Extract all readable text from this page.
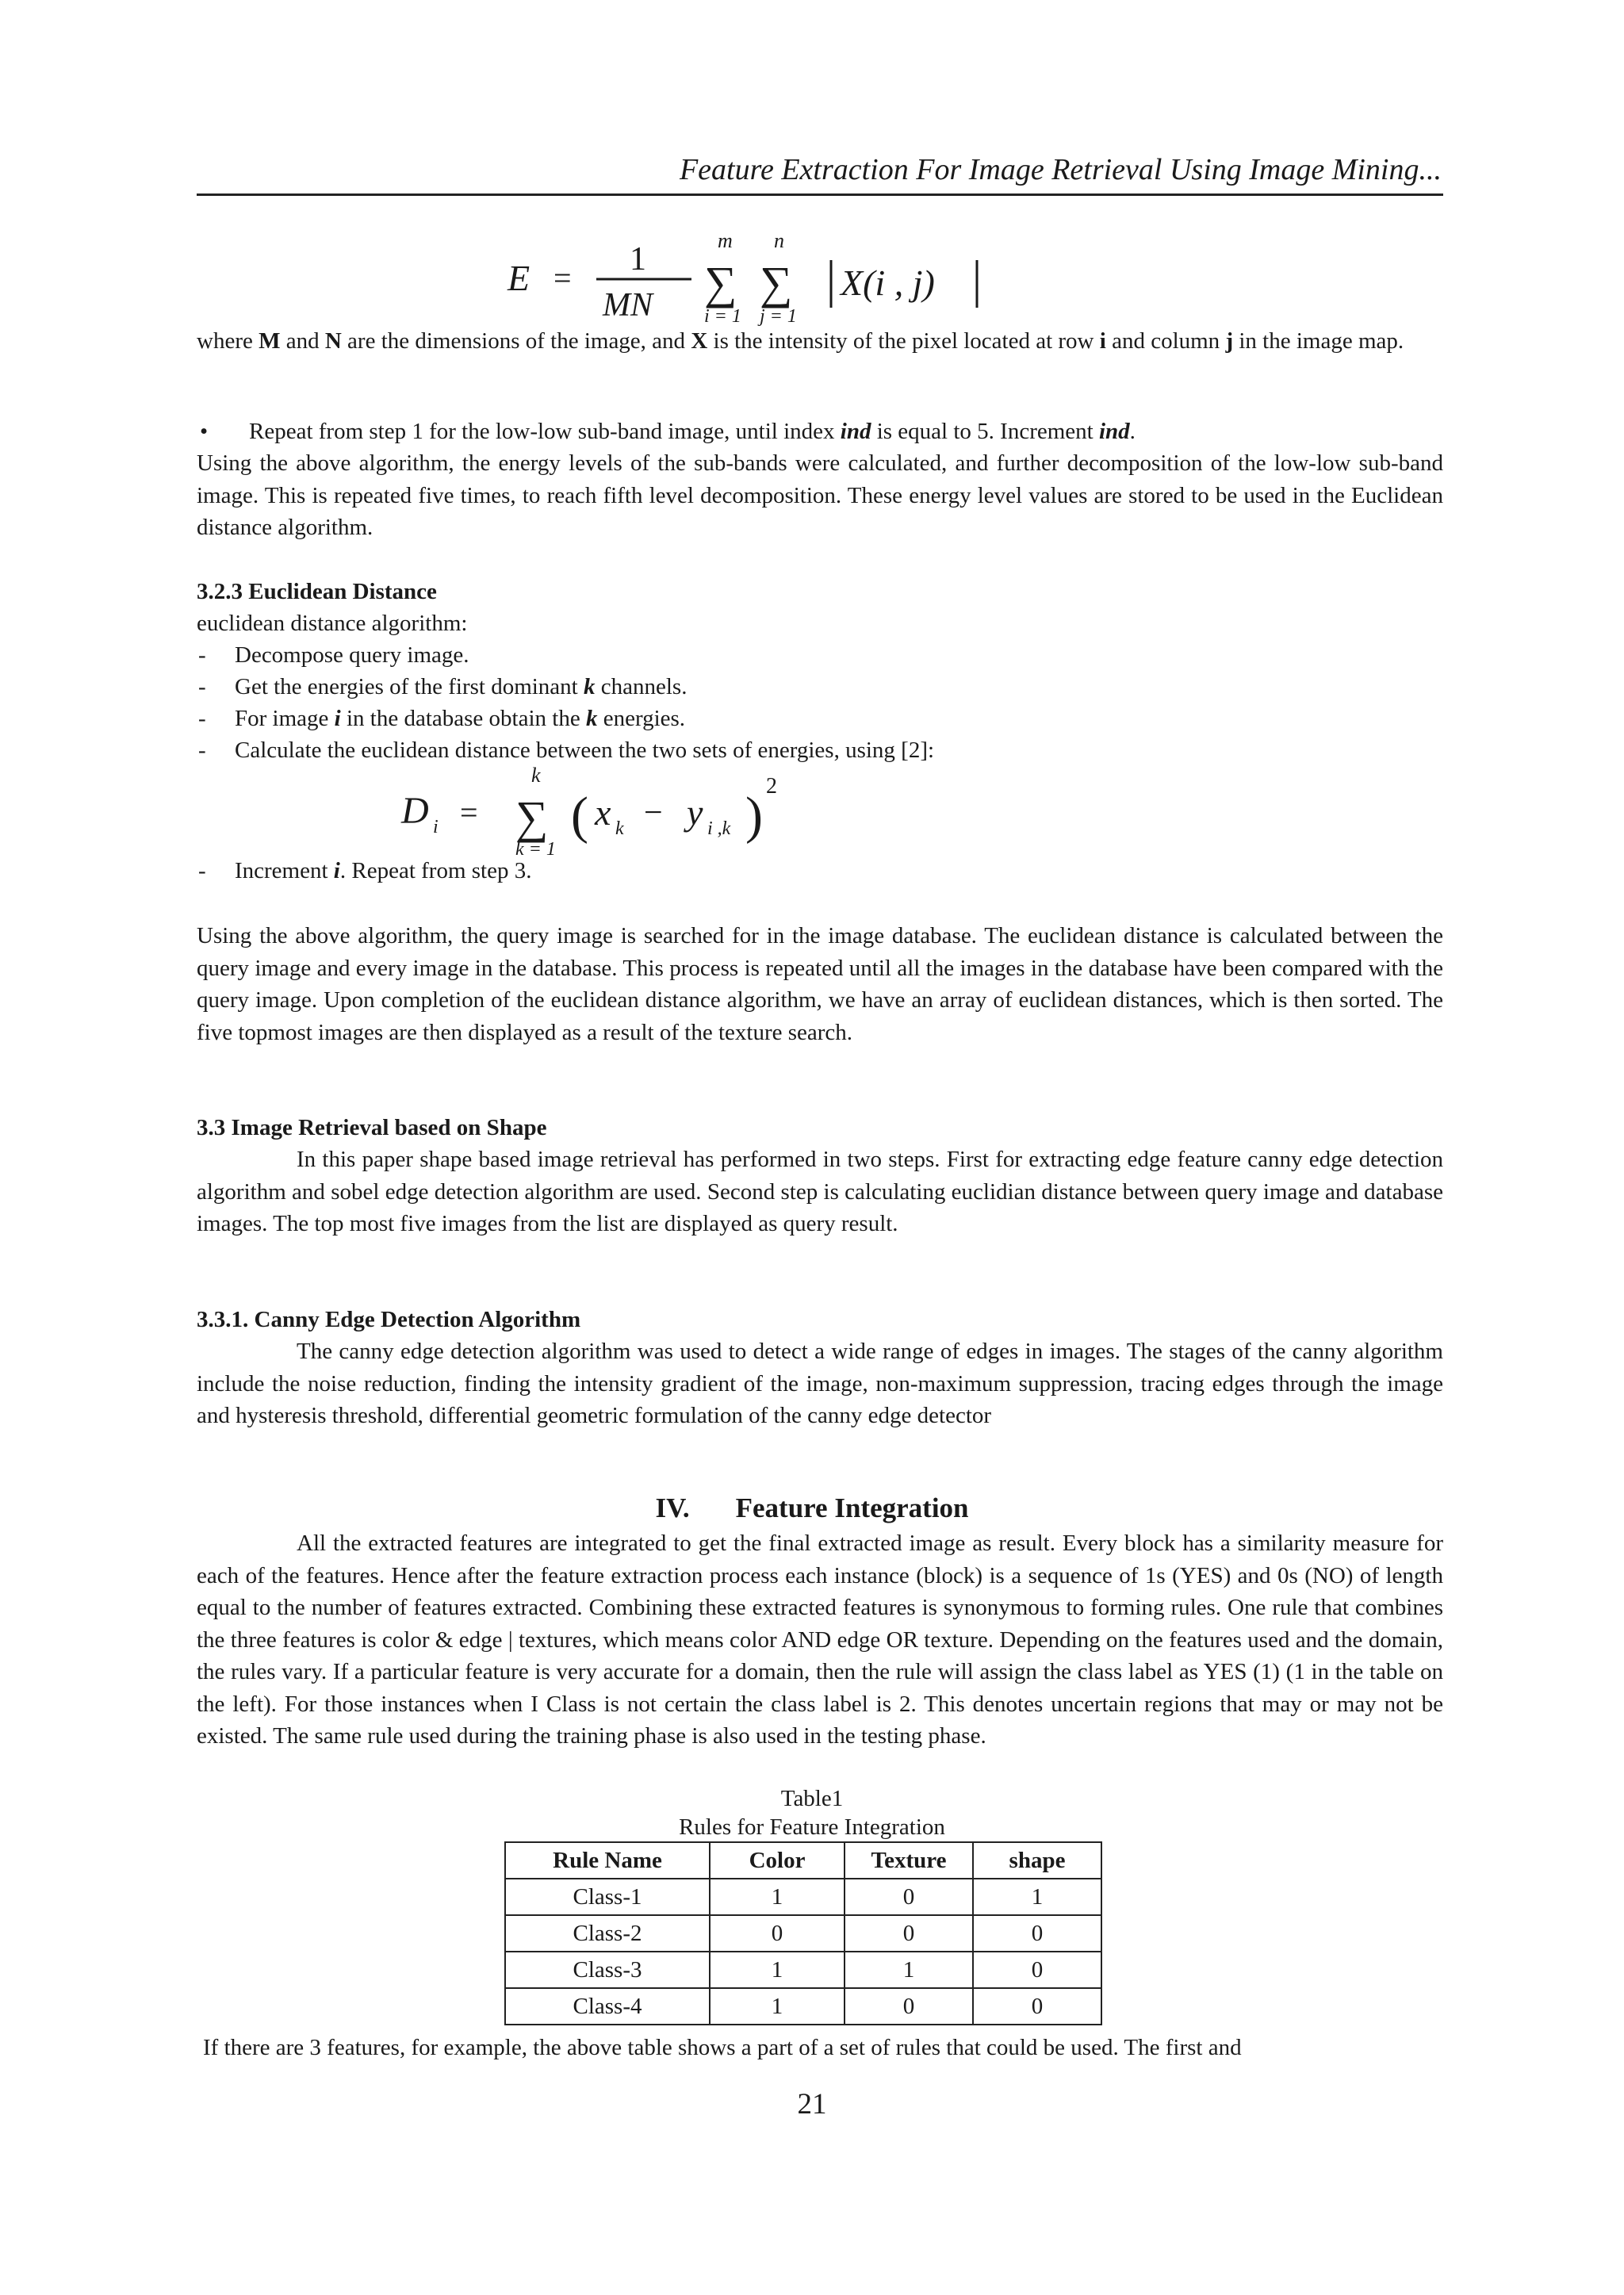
Feature Extraction For Image Retrieval Using Image Mining...
E =
1
MN
m
∑
i = 1
n
∑
j = 1
X(i , j)

where M and N are the dimensions of the image, and X is the intensity of the pixel located at row i and column j in the image map.

• Repeat from step 1 for the low-low sub-band image, until index ind is equal to 5. Increment ind.

Using the above algorithm, the energy levels of the sub-bands were calculated, and further decomposition of the low-low sub-band image. This is repeated five times, to reach fifth level decomposition. These energy level values are stored to be used in the Euclidean distance algorithm.

3.2.3 Euclidean Distance
euclidean distance algorithm:
- Decompose query image.
- Get the energies of the first dominant k channels.
- For image i in the database obtain the k energies.
- Calculate the euclidean distance between the two sets of energies, using [2]:
D i =
k
∑
k = 1
( x k − y i ,k )
2
- Increment i. Repeat from step 3.

Using the above algorithm, the query image is searched for in the image database. The euclidean distance is calculated between the query image and every image in the database. This process is repeated until all the images in the database have been compared with the query image. Upon completion of the euclidean distance algorithm, we have an array of euclidean distances, which is then sorted. The five topmost images are then displayed as a result of the texture search.

3.3 Image Retrieval based on Shape

In this paper shape based image retrieval has performed in two steps. First for extracting edge feature canny edge detection algorithm and sobel edge detection algorithm are used. Second step is calculating euclidian distance between query image and database images. The top most five images from the list are displayed as query result.

3.3.1. Canny Edge Detection Algorithm

The canny edge detection algorithm was used to detect a wide range of edges in images. The stages of the canny algorithm include the noise reduction, finding the intensity gradient of the image, non-maximum suppression, tracing edges through the image and hysteresis threshold, differential geometric formulation of the canny edge detector

IV. Feature Integration

All the extracted features are integrated to get the final extracted image as result. Every block has a similarity measure for each of the features. Hence after the feature extraction process each instance (block) is a sequence of 1s (YES) and 0s (NO) of length equal to the number of features extracted. Combining these extracted features is synonymous to forming rules. One rule that combines the three features is color & edge | textures, which means color AND edge OR texture. Depending on the features used and the domain, the rules vary. If a particular feature is very accurate for a domain, then the rule will assign the class label as YES (1) (1 in the table on the left). For those instances when I Class is not certain the class label is 2. This denotes uncertain regions that may or may not be existed. The same rule used during the training phase is also used in the testing phase.

Table1
Rules for Feature Integration
Rule Name	Color	Texture	shape
Class-1	1	0	1
Class-2	0	0	0
Class-3	1	1	0
Class-4	1	0	0

If there are 3 features, for example, the above table shows a part of a set of rules that could be used. The first and

21
